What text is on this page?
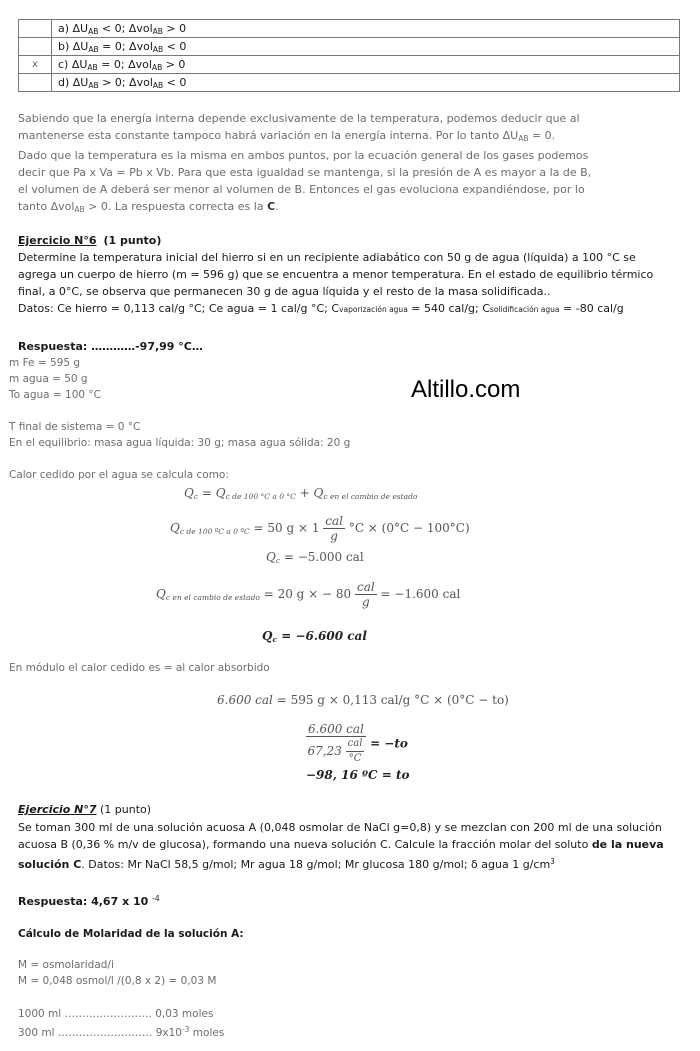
	a) $\Delta U_{AB} < 0$; Δvol$_{AB}$ > 0
	b) $\Delta U_{AB} = 0$; Δvol$_{AB}$ < 0
x	c) $\Delta U_{AB} = 0$; Δvol$_{AB}$ > 0
	d) $\Delta U_{AB} > 0$; Δvol$_{AB}$ < 0
Sabiendo que la energía interna depende exclusivamente de la temperatura, podemos deducir que al
mantenerse esta constante tampoco habrá variación en la energía interna. Por lo tanto $\Delta U_{AB} = 0$.
Dado que la temperatura es la misma en ambos puntos, por la ecuación general de los gases podemos
decir que Pa x Va = Pb x Vb. Para que esta igualdad se mantenga, si la presión de A es mayor a la de B,
el volumen de A deberá ser menor al volumen de B. Entonces el gas evoluciona expandiéndose, por lo
tanto Δvol$_{AB}$ > 0. La respuesta correcta es la C.
Ejercicio N°6 (1 punto)
Determine la temperatura inicial del hierro si en un recipiente adiabático con 50 g de agua (líquida) a 100 °C se
agrega un cuerpo de hierro (m = 596 g) que se encuentra a menor temperatura. En el estado de equilibrio térmico
final, a 0°C, se observa que permanecen 30 g de agua líquida y el resto de la masa solidificada..
Datos: Ce hierro = 0,113 cal/g °C; Ce agua = 1 cal/g °C; Cvaporización agua = 540 cal/g; Csolidificación agua = -80 cal/g
Respuesta: …………-97,99 °C…
m Fe = 595 g
m agua = 50 g
To agua = 100 °C	Altillo.com
T final de sistema = 0 °C
En el equilibrio: masa agua líquida: 30 g; masa agua sólida: 20 g
Calor cedido por el agua se calcula como:
$Q_c = Q_{c de 100 ^\circ C a 0 ^\circ C} + Q_{c en el cambio de estado}$
$Q_{c de 100 ºC a 0 ºC} = 50$ $g \times 1 \frac{\text{cal}}{g} ^\circ C \times (0^\circ C - 100^\circ C)$
$Q_c = -5.000$ cal
$Q_{c en el cambio de estado} = 20$ g × − $80 \frac{\text{cal}}{g} = -1.600$ cal
$Q_c = -6.600$ cal
En módulo el calor cedido es = al calor absorbido
6.600 cal = 595 g × 0,113 cal/g °C × (0°C − to)
$\frac{\text{6.600 cal}}{67,23 \frac{\text{cal}}{^\circ C}} = -to$
−98, 16 ºC = to
Ejercicio N°7 (1 punto)
Se toman 300 ml de una solución acuosa A (0,048 osmolar de NaCl g=0,8) y se mezclan con 200 ml de una solución
acuosa B (0,36 % m/v de glucosa), formando una nueva solución C. Calcule la fracción molar del soluto de la nueva
solución C. Datos: Mr NaCl 58,5 g/mol; Mr agua 18 g/mol; Mr glucosa 180 g/mol; δ agua 1 $g/cm^3$
Respuesta: 4,67 x 10 $^{-4}$
Cálculo de Molaridad de la solución A:
M = osmolaridad/i
M = 0,048 osmol/l /(0,8 x 2) = 0,03 M
1000 ml ……………………. 0,03 moles
300 ml ……………………… $9x10^{-3}$ moles
